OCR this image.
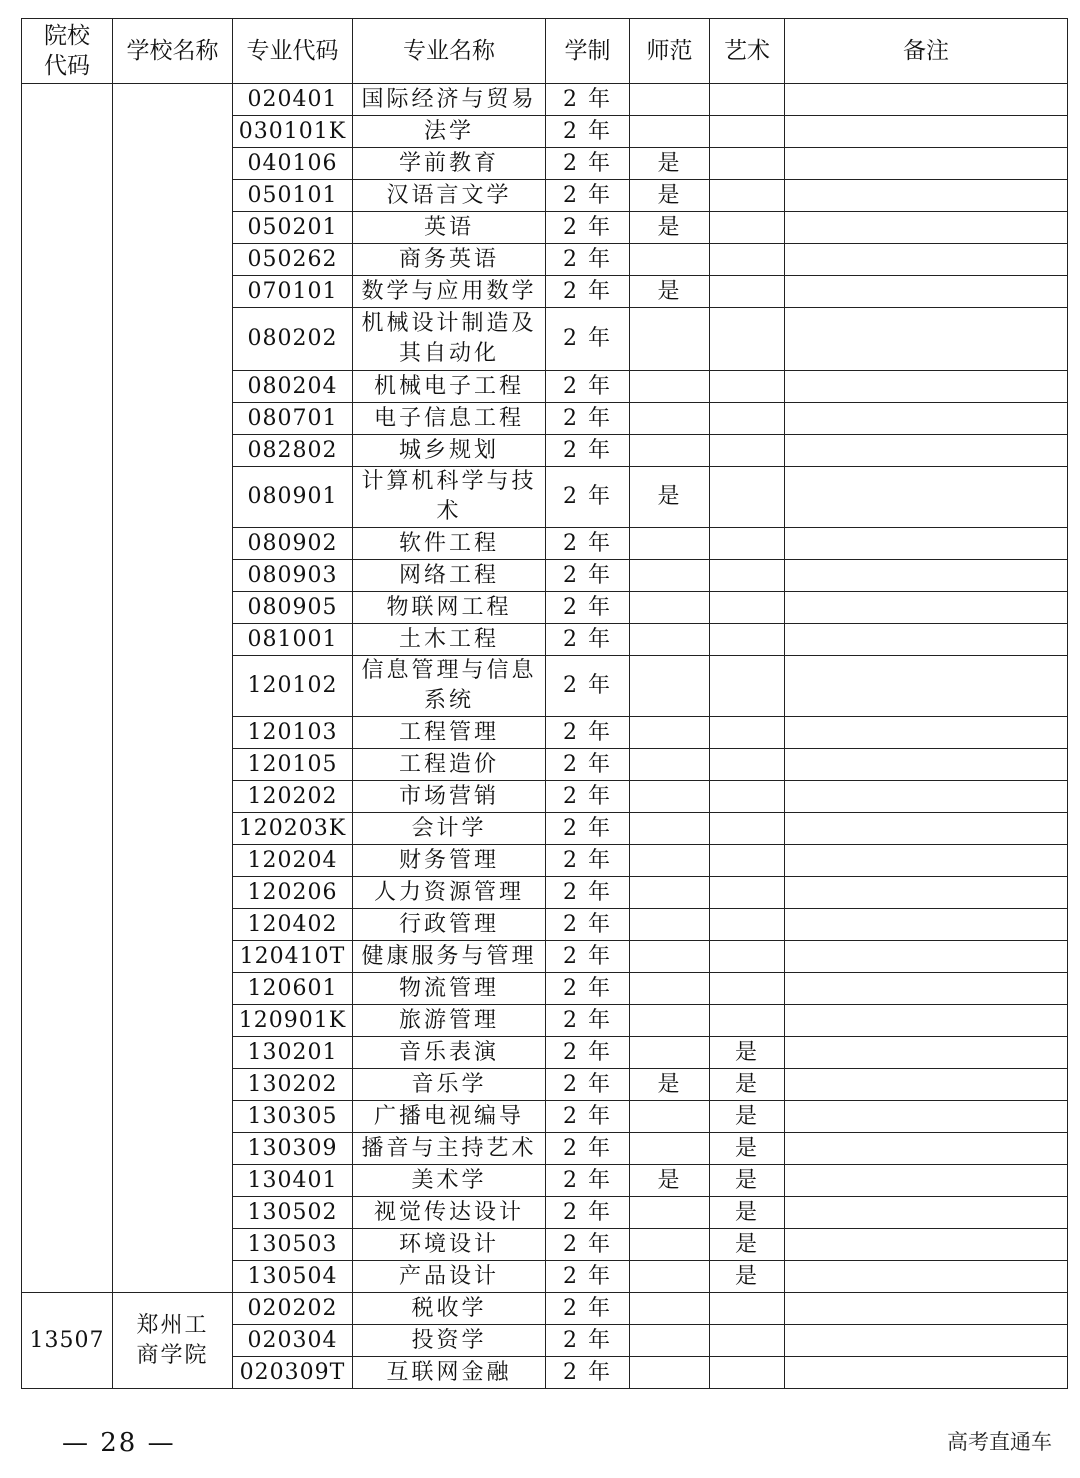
院校
代码	学校名称	专业代码	专业名称	学制	师范	艺术	备注
		020401	国际经济与贸易	2 年			
		030101K	法学	2 年			
		040106	学前教育	2 年	是		
		050101	汉语言文学	2 年	是		
		050201	英语	2 年	是		
		050262	商务英语	2 年			
		070101	数学与应用数学	2 年	是		
		080202	机械设计制造及其自动化	2 年			
		080204	机械电子工程	2 年			
		080701	电子信息工程	2 年			
		082802	城乡规划	2 年			
		080901	计算机科学与技术	2 年	是		
		080902	软件工程	2 年			
		080903	网络工程	2 年			
		080905	物联网工程	2 年			
		081001	土木工程	2 年			
		120102	信息管理与信息系统	2 年			
		120103	工程管理	2 年			
		120105	工程造价	2 年			
		120202	市场营销	2 年			
		120203K	会计学	2 年			
		120204	财务管理	2 年			
		120206	人力资源管理	2 年			
		120402	行政管理	2 年			
		120410T	健康服务与管理	2 年			
		120601	物流管理	2 年			
		120901K	旅游管理	2 年			
		130201	音乐表演	2 年		是	
		130202	音乐学	2 年	是	是	
		130305	广播电视编导	2 年		是	
		130309	播音与主持艺术	2 年		是	
		130401	美术学	2 年	是	是	
		130502	视觉传达设计	2 年		是	
		130503	环境设计	2 年		是	
		130504	产品设计	2 年		是	
13507	郑州工商学院	020202	税收学	2 年			
		020304	投资学	2 年			
		020309T	互联网金融	2 年			
— 28 —	高考直通车
